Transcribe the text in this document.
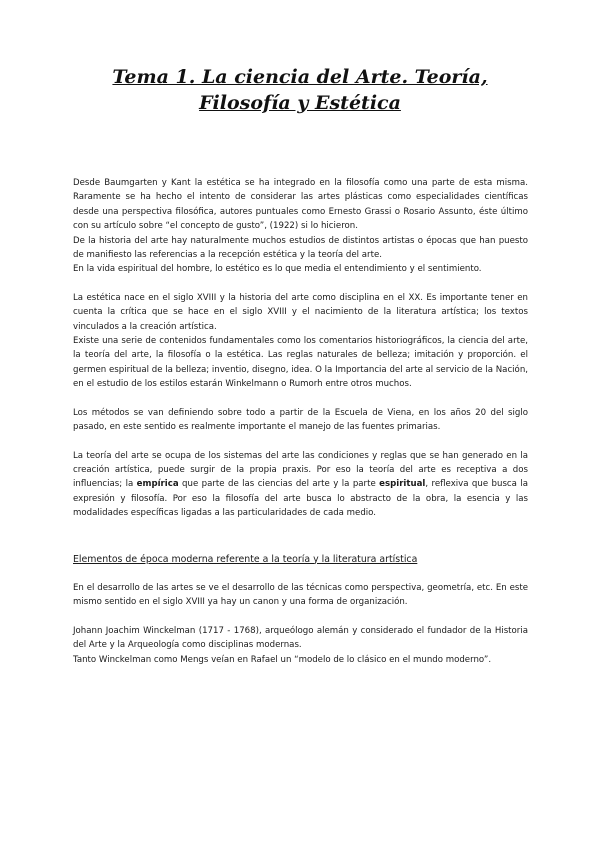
Tema 1. La ciencia del Arte. Teoría,
Filosofía y Estética

Desde Baumgarten y Kant la estética se ha integrado en la filosofía como una parte de esta misma. Raramente se ha hecho el intento de considerar las artes plásticas como especialidades científicas desde una perspectiva filosófica, autores puntuales como Ernesto Grassi o Rosario Assunto, éste último con su artículo sobre “el concepto de gusto”, (1922) si lo hicieron.

De la historia del arte hay naturalmente muchos estudios de distintos artistas o épocas que han puesto de manifiesto las referencias a la recepción estética y la teoría del arte.

En la vida espiritual del hombre, lo estético es lo que media el entendimiento y el sentimiento.

La estética nace en el siglo XVIII y la historia del arte como disciplina en el XX. Es importante tener en cuenta la crítica que se hace en el siglo XVIII y el nacimiento de la literatura artística; los textos vinculados a la creación artística.

Existe una serie de contenidos fundamentales como los comentarios historiográficos, la ciencia del arte, la teoría del arte, la filosofía o la estética. Las reglas naturales de belleza; imitación y proporción. el germen espiritual de la belleza; inventio, disegno, idea. O la Importancia del arte al servicio de la Nación, en el estudio de los estilos estarán Winkelmann o Rumorh entre otros muchos.

Los métodos se van definiendo sobre todo a partir de la Escuela de Viena, en los años 20 del siglo pasado, en este sentido es realmente importante el manejo de las fuentes primarias.

La teoría del arte se ocupa de los sistemas del arte las condiciones y reglas que se han generado en la creación artística, puede surgir de la propia praxis. Por eso la teoría del arte es receptiva a dos influencias; la empírica que parte de las ciencias del arte y la parte espiritual, reflexiva que busca la expresión y filosofía. Por eso la filosofía del arte busca lo abstracto de la obra, la esencia y las modalidades específicas ligadas a las particularidades de cada medio.

Elementos de época moderna referente a la teoría y la literatura artística

En el desarrollo de las artes se ve el desarrollo de las técnicas como perspectiva, geometría, etc. En este mismo sentido en el siglo XVIII ya hay un canon y una forma de organización.

Johann Joachim Winckelman (1717 - 1768), arqueólogo alemán y considerado el fundador de la Historia del Arte y la Arqueología como disciplinas modernas.

Tanto Winckelman como Mengs veían en Rafael un “modelo de lo clásico en el mundo moderno”.
